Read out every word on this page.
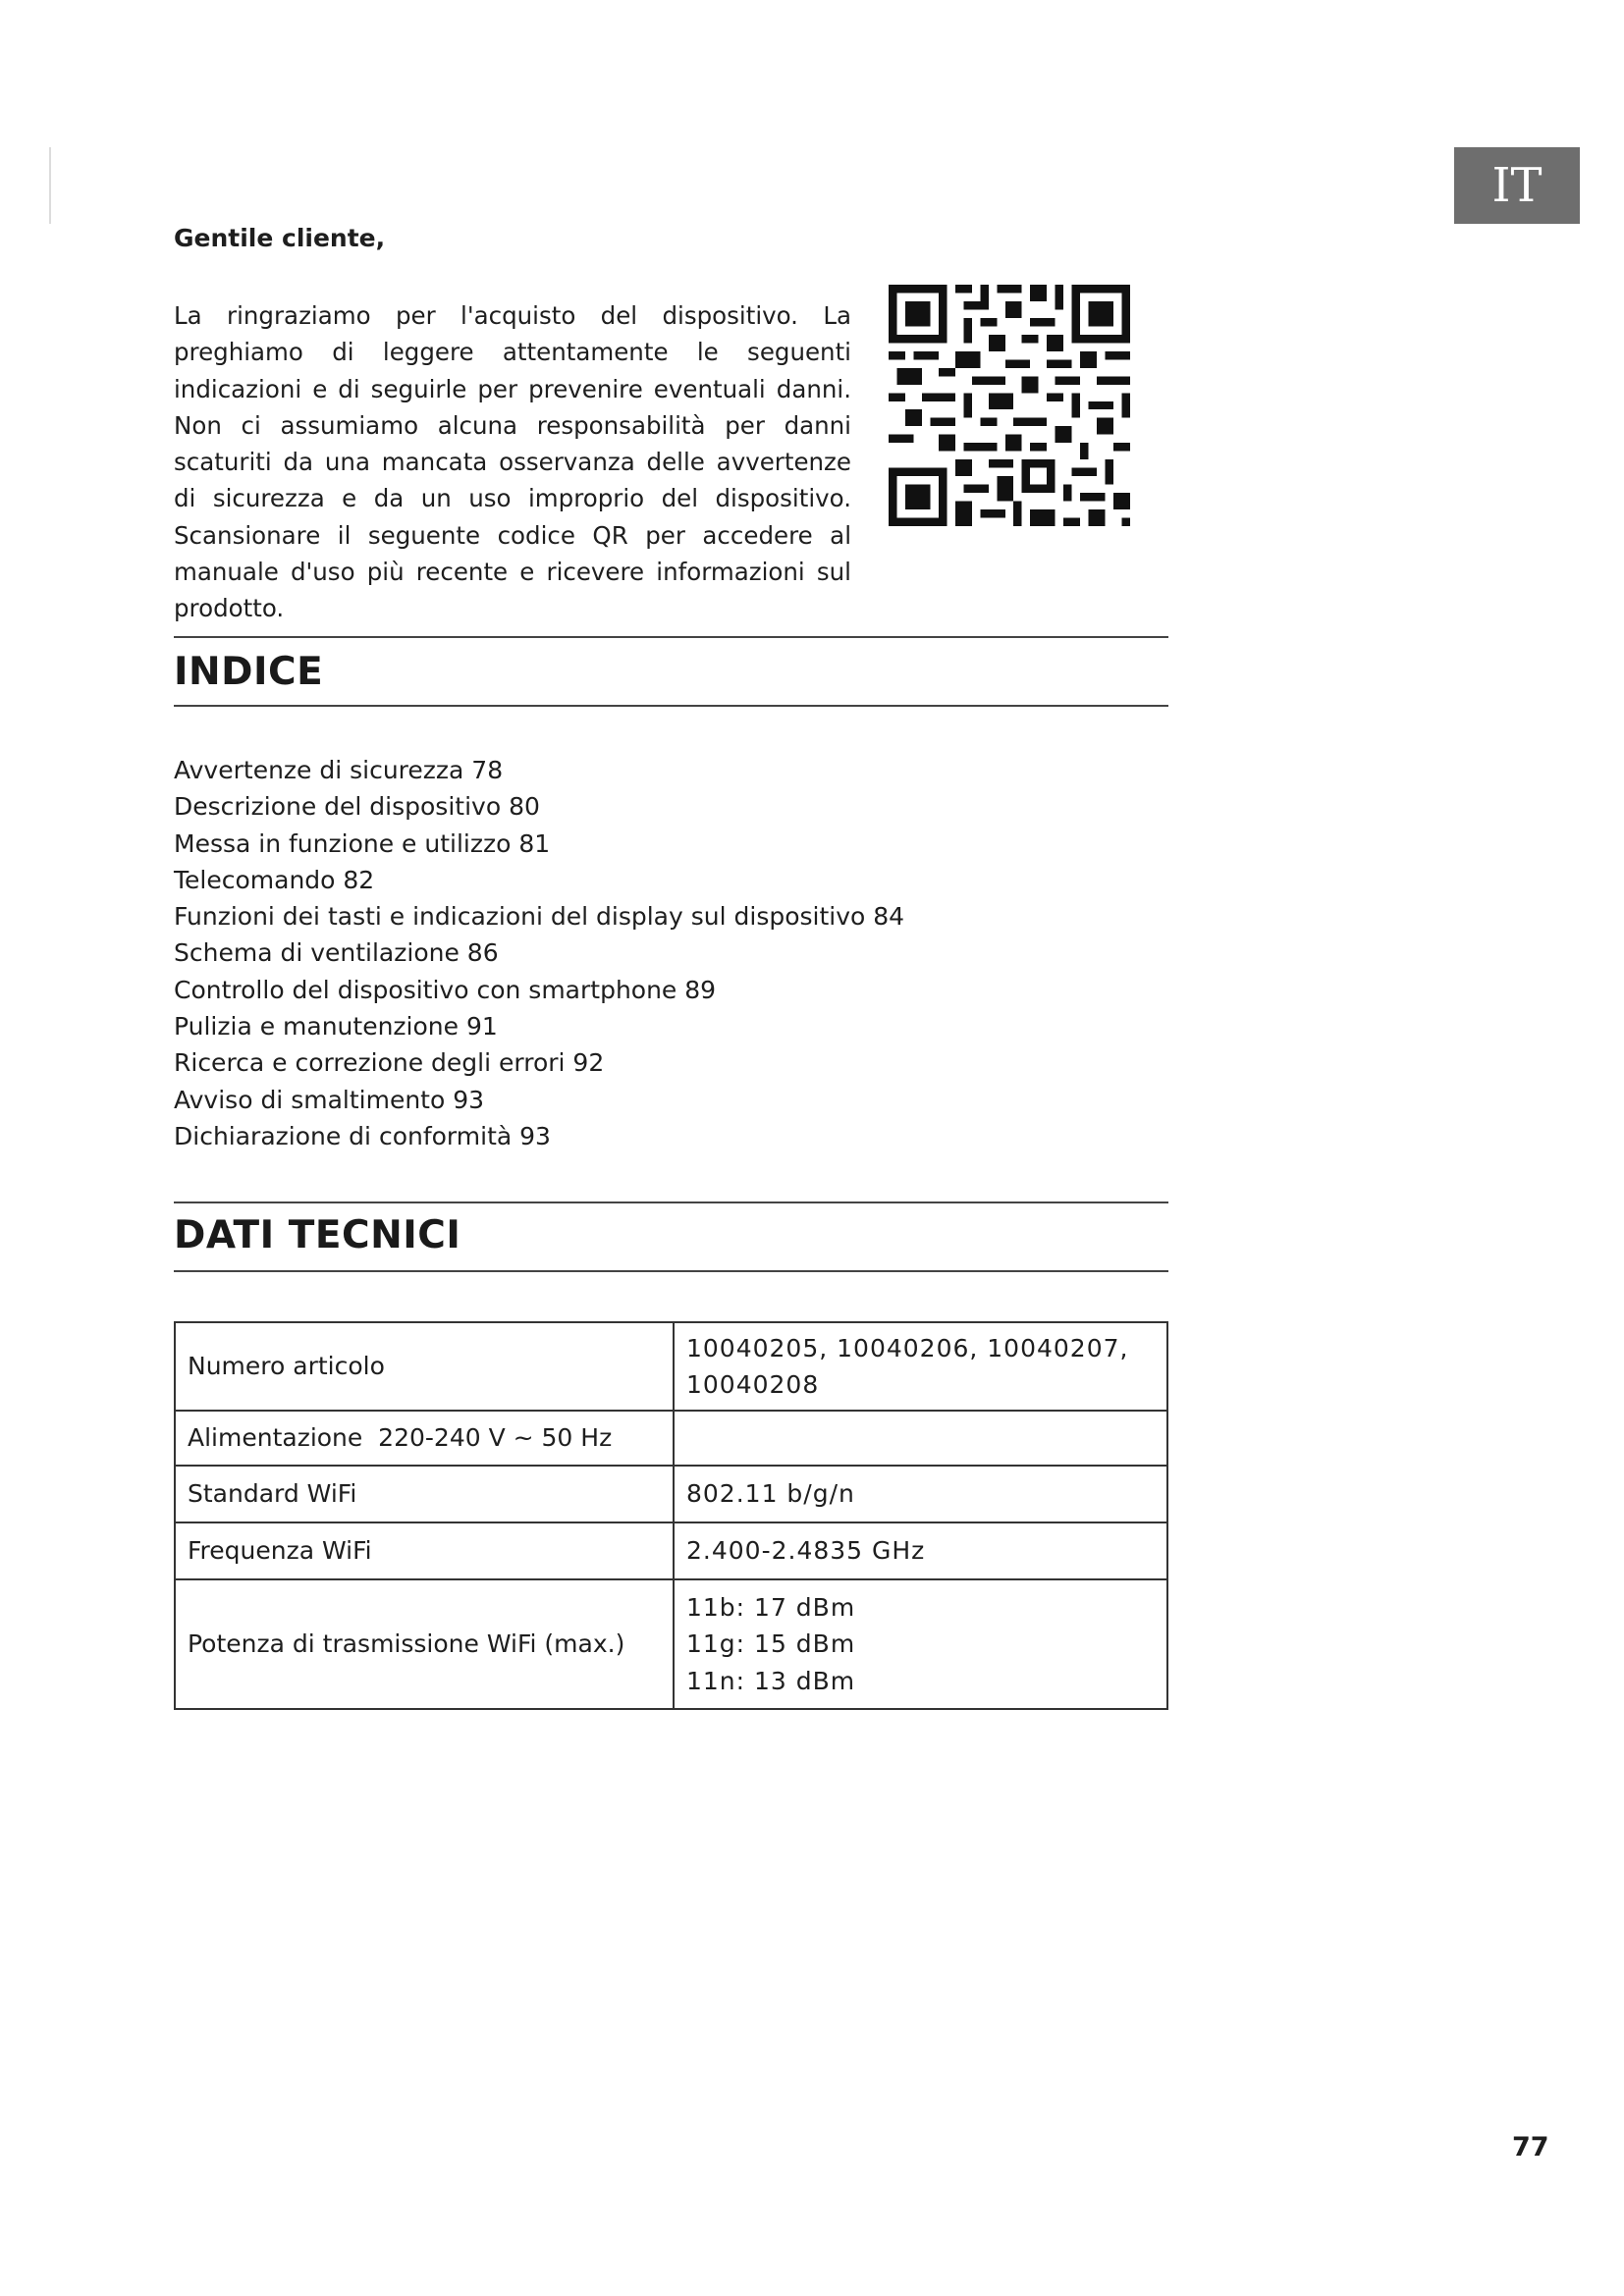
IT
Gentile cliente,

La ringraziamo per l'acquisto del dispositivo. La preghiamo di leggere attentamente le seguenti indicazioni e di seguirle per prevenire eventuali danni. Non ci assumiamo alcuna responsabilità per danni scaturiti da una mancata osservanza delle avvertenze di sicurezza e da un uso improprio del dispositivo. Scansionare il seguente codice QR per accedere al manuale d'uso più recente e ricevere informazioni sul prodotto.

INDICE
Avvertenze di sicurezza 78
Descrizione del dispositivo 80
Messa in funzione e utilizzo 81
Telecomando 82
Funzioni dei tasti e indicazioni del display sul dispositivo 84
Schema di ventilazione 86
Controllo del dispositivo con smartphone 89
Pulizia e manutenzione 91
Ricerca e correzione degli errori 92
Avviso di smaltimento 93
Dichiarazione di conformità 93
DATI TECNICI
Numero articolo	10040205, 10040206, 10040207,
10040208
Alimentazione  220-240 V ~ 50 Hz	
Standard WiFi	802.11 b/g/n
Frequenza WiFi	2.400-2.4835 GHz
Potenza di trasmissione WiFi (max.)	11b: 17 dBm
11g: 15 dBm
11n: 13 dBm
77
